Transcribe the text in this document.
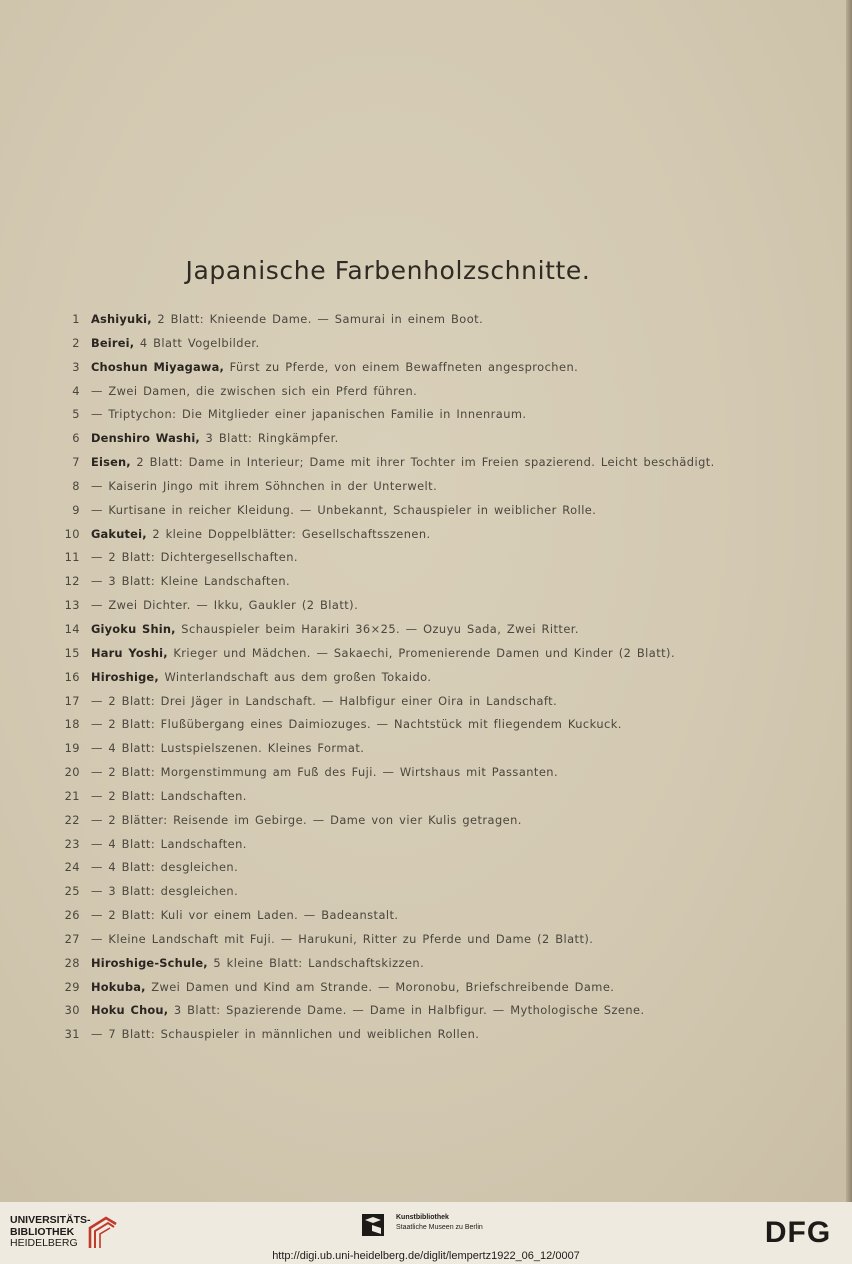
Japanische Farbenholzschnitte.
1 Ashiyuki, 2 Blatt: Knieende Dame. — Samurai in einem Boot.
2 Beirei, 4 Blatt Vogelbilder.
3 Choshun Miyagawa, Fürst zu Pferde, von einem Bewaffneten angesprochen.
4 — Zwei Damen, die zwischen sich ein Pferd führen.
5 — Triptychon: Die Mitglieder einer japanischen Familie in Innenraum.
6 Denshiro Washi, 3 Blatt: Ringkämpfer.
7 Eisen, 2 Blatt: Dame in Interieur; Dame mit ihrer Tochter im Freien spazierend. Leicht beschädigt.
8 — Kaiserin Jingo mit ihrem Söhnchen in der Unterwelt.
9 — Kurtisane in reicher Kleidung. — Unbekannt, Schauspieler in weiblicher Rolle.
10 Gakutei, 2 kleine Doppelblätter: Gesellschaftsszenen.
11 — 2 Blatt: Dichtergesellschaften.
12 — 3 Blatt: Kleine Landschaften.
13 — Zwei Dichter. — Ikku, Gaukler (2 Blatt).
14 Giyoku Shin, Schauspieler beim Harakiri 36×25. — Ozuyu Sada, Zwei Ritter.
15 Haru Yoshi, Krieger und Mädchen. — Sakaechi, Promenierende Damen und Kinder (2 Blatt).
16 Hiroshige, Winterlandschaft aus dem großen Tokaido.
17 — 2 Blatt: Drei Jäger in Landschaft. — Halbfigur einer Oira in Landschaft.
18 — 2 Blatt: Flußübergang eines Daimiozuges. — Nachtstück mit fliegendem Kuckuck.
19 — 4 Blatt: Lustspielszenen. Kleines Format.
20 — 2 Blatt: Morgenstimmung am Fuß des Fuji. — Wirtshaus mit Passanten.
21 — 2 Blatt: Landschaften.
22 — 2 Blätter: Reisende im Gebirge. — Dame von vier Kulis getragen.
23 — 4 Blatt: Landschaften.
24 — 4 Blatt: desgleichen.
25 — 3 Blatt: desgleichen.
26 — 2 Blatt: Kuli vor einem Laden. — Badeanstalt.
27 — Kleine Landschaft mit Fuji. — Harukuni, Ritter zu Pferde und Dame (2 Blatt).
28 Hiroshige-Schule, 5 kleine Blatt: Landschaftskizzen.
29 Hokuba, Zwei Damen und Kind am Strande. — Moronobu, Briefschreibende Dame.
30 Hoku Chou, 3 Blatt: Spazierende Dame. — Dame in Halbfigur. — Mythologische Szene.
31 — 7 Blatt: Schauspieler in männlichen und weiblichen Rollen.
UNIVERSITÄTS-
BIBLIOTHEK
HEIDELBERG
Kunstbibliothek
Staatliche Museen zu Berlin	DFG
http://digi.ub.uni-heidelberg.de/diglit/lempertz1922_06_12/0007
